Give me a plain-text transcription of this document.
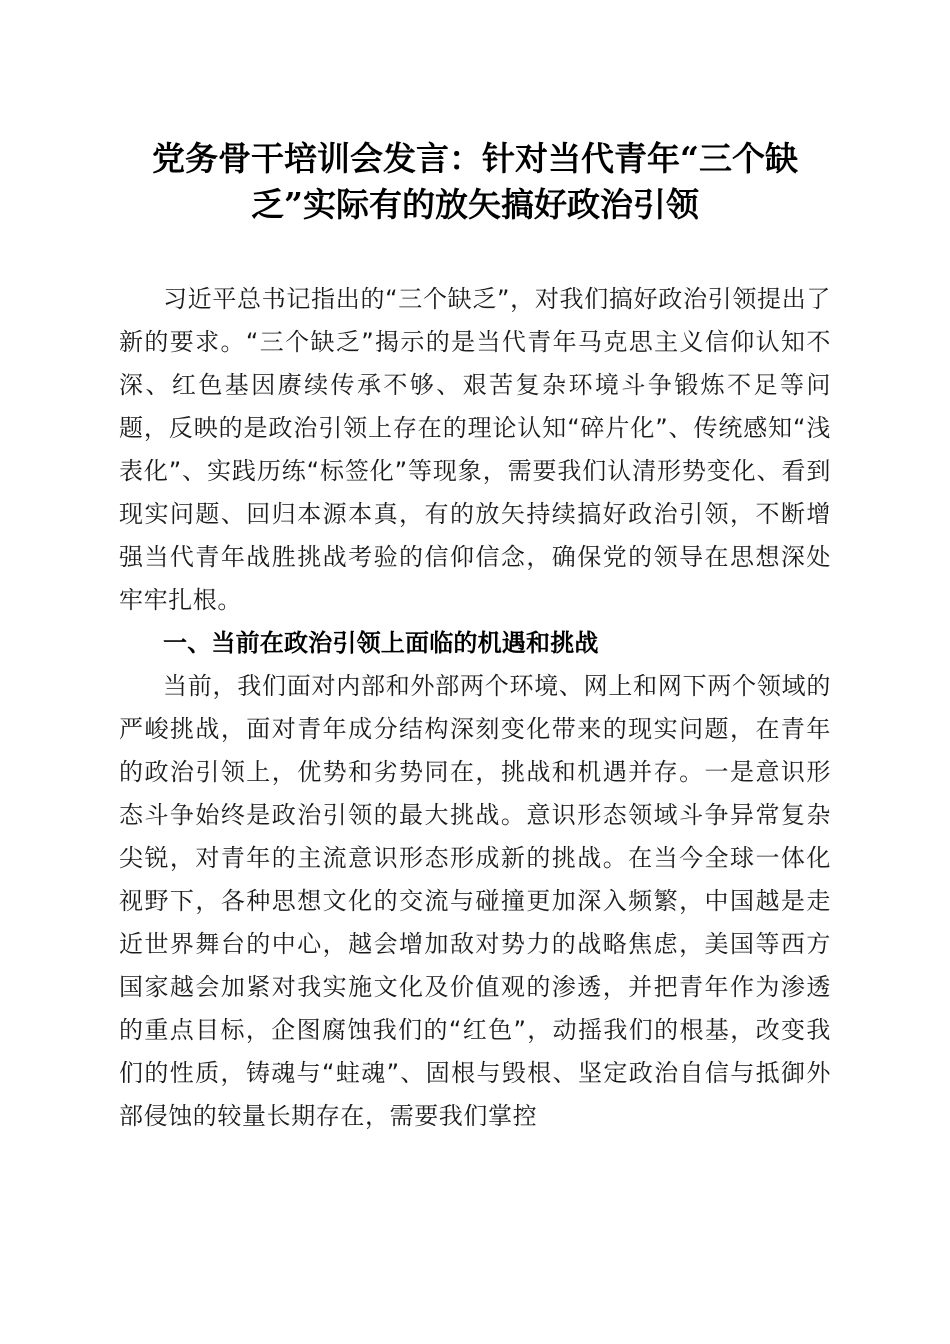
党务骨干培训会发言：针对当代青年“三个缺
乏”实际有的放矢搞好政治引领

习近平总书记指出的“三个缺乏”，对我们搞好政治引领提出了新的要求。“三个缺乏”揭示的是当代青年马克思主义信仰认知不深、红色基因赓续传承不够、艰苦复杂环境斗争锻炼不足等问题，反映的是政治引领上存在的理论认知“碎片化”、传统感知“浅表化”、实践历练“标签化”等现象，需要我们认清形势变化、看到现实问题、回归本源本真，有的放矢持续搞好政治引领，不断增强当代青年战胜挑战考验的信仰信念，确保党的领导在思想深处牢牢扎根。

一、当前在政治引领上面临的机遇和挑战

当前，我们面对内部和外部两个环境、网上和网下两个领域的严峻挑战，面对青年成分结构深刻变化带来的现实问题，在青年的政治引领上，优势和劣势同在，挑战和机遇并存。一是意识形态斗争始终是政治引领的最大挑战。意识形态领域斗争异常复杂尖锐，对青年的主流意识形态形成新的挑战。在当今全球一体化视野下，各种思想文化的交流与碰撞更加深入频繁，中国越是走近世界舞台的中心，越会增加敌对势力的战略焦虑，美国等西方国家越会加紧对我实施文化及价值观的渗透，并把青年作为渗透的重点目标，企图腐蚀我们的“红色”，动摇我们的根基，改变我们的性质，铸魂与“蛀魂”、固根与毁根、坚定政治自信与抵御外部侵蚀的较量长期存在，需要我们掌控
